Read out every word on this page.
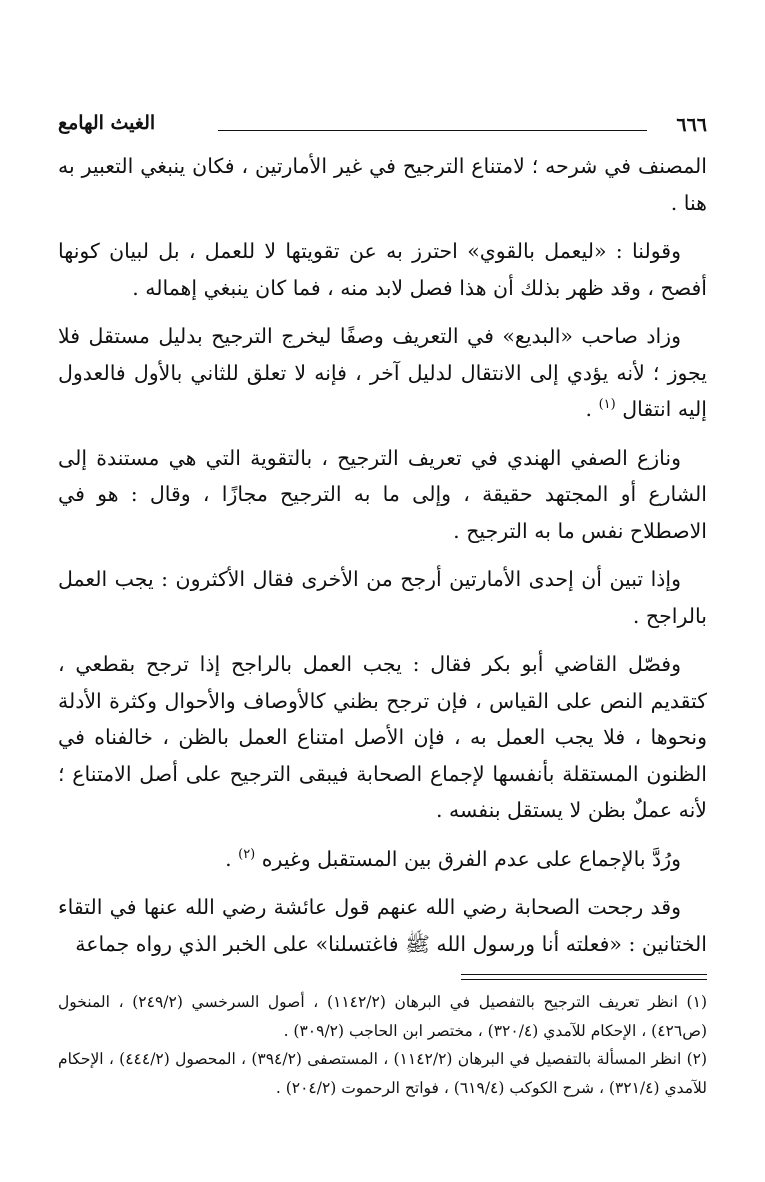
٦٦٦
الغيث الهامع

المصنف في شرحه ؛ لامتناع الترجيح في غير الأمارتين ، فكان ينبغي التعبير به هنا .

وقولنا : «ليعمل بالقوي» احترز به عن تقويتها لا للعمل ، بل لبيان كونها أفصح ، وقد ظهر بذلك أن هذا فصل لابد منه ، فما كان ينبغي إهماله .

وزاد صاحب «البديع» في التعريف وصفًا ليخرج الترجيح بدليل مستقل فلا يجوز ؛ لأنه يؤدي إلى الانتقال لدليل آخر ، فإنه لا تعلق للثاني بالأول فالعدول إليه انتقال $^{(١)}$ .

ونازع الصفي الهندي في تعريف الترجيح ، بالتقوية التي هي مستندة إلى الشارع أو المجتهد حقيقة ، وإلى ما به الترجيح مجازًا ، وقال : هو في الاصطلاح نفس ما به الترجيح .

وإذا تبين أن إحدى الأمارتين أرجح من الأخرى فقال الأكثرون : يجب العمل بالراجح .

وفصّل القاضي أبو بكر فقال : يجب العمل بالراجح إذا ترجح بقطعي ، كتقديم النص على القياس ، فإن ترجح بظني كالأوصاف والأحوال وكثرة الأدلة ونحوها ، فلا يجب العمل به ، فإن الأصل امتناع العمل بالظن ، خالفناه في الظنون المستقلة بأنفسها لإجماع الصحابة فيبقى الترجيح على أصل الامتناع ؛ لأنه عملٌ بظن لا يستقل بنفسه .

ورُدَّ بالإجماع على عدم الفرق بين المستقبل وغيره $^{(٢)}$ .

وقد رجحت الصحابة رضي الله عنهم قول عائشة رضي الله عنها في التقاء الختانين : «فعلته أنا ورسول الله ﷺ فاغتسلنا» على الخبر الذي رواه جماعة

(١) انظر تعريف الترجيح بالتفصيل في البرهان (١١٤٢/٢) ، أصول السرخسي (٢٤٩/٢) ، المنخول (ص٤٢٦) ، الإحكام للآمدي (٣٢٠/٤) ، مختصر ابن الحاجب (٣٠٩/٢) .

(٢) انظر المسألة بالتفصيل في البرهان (١١٤٢/٢) ، المستصفى (٣٩٤/٢) ، المحصول (٤٤٤/٢) ، الإحكام للآمدي (٣٢١/٤) ، شرح الكوكب (٦١٩/٤) ، فواتح الرحموت (٢٠٤/٢) .
